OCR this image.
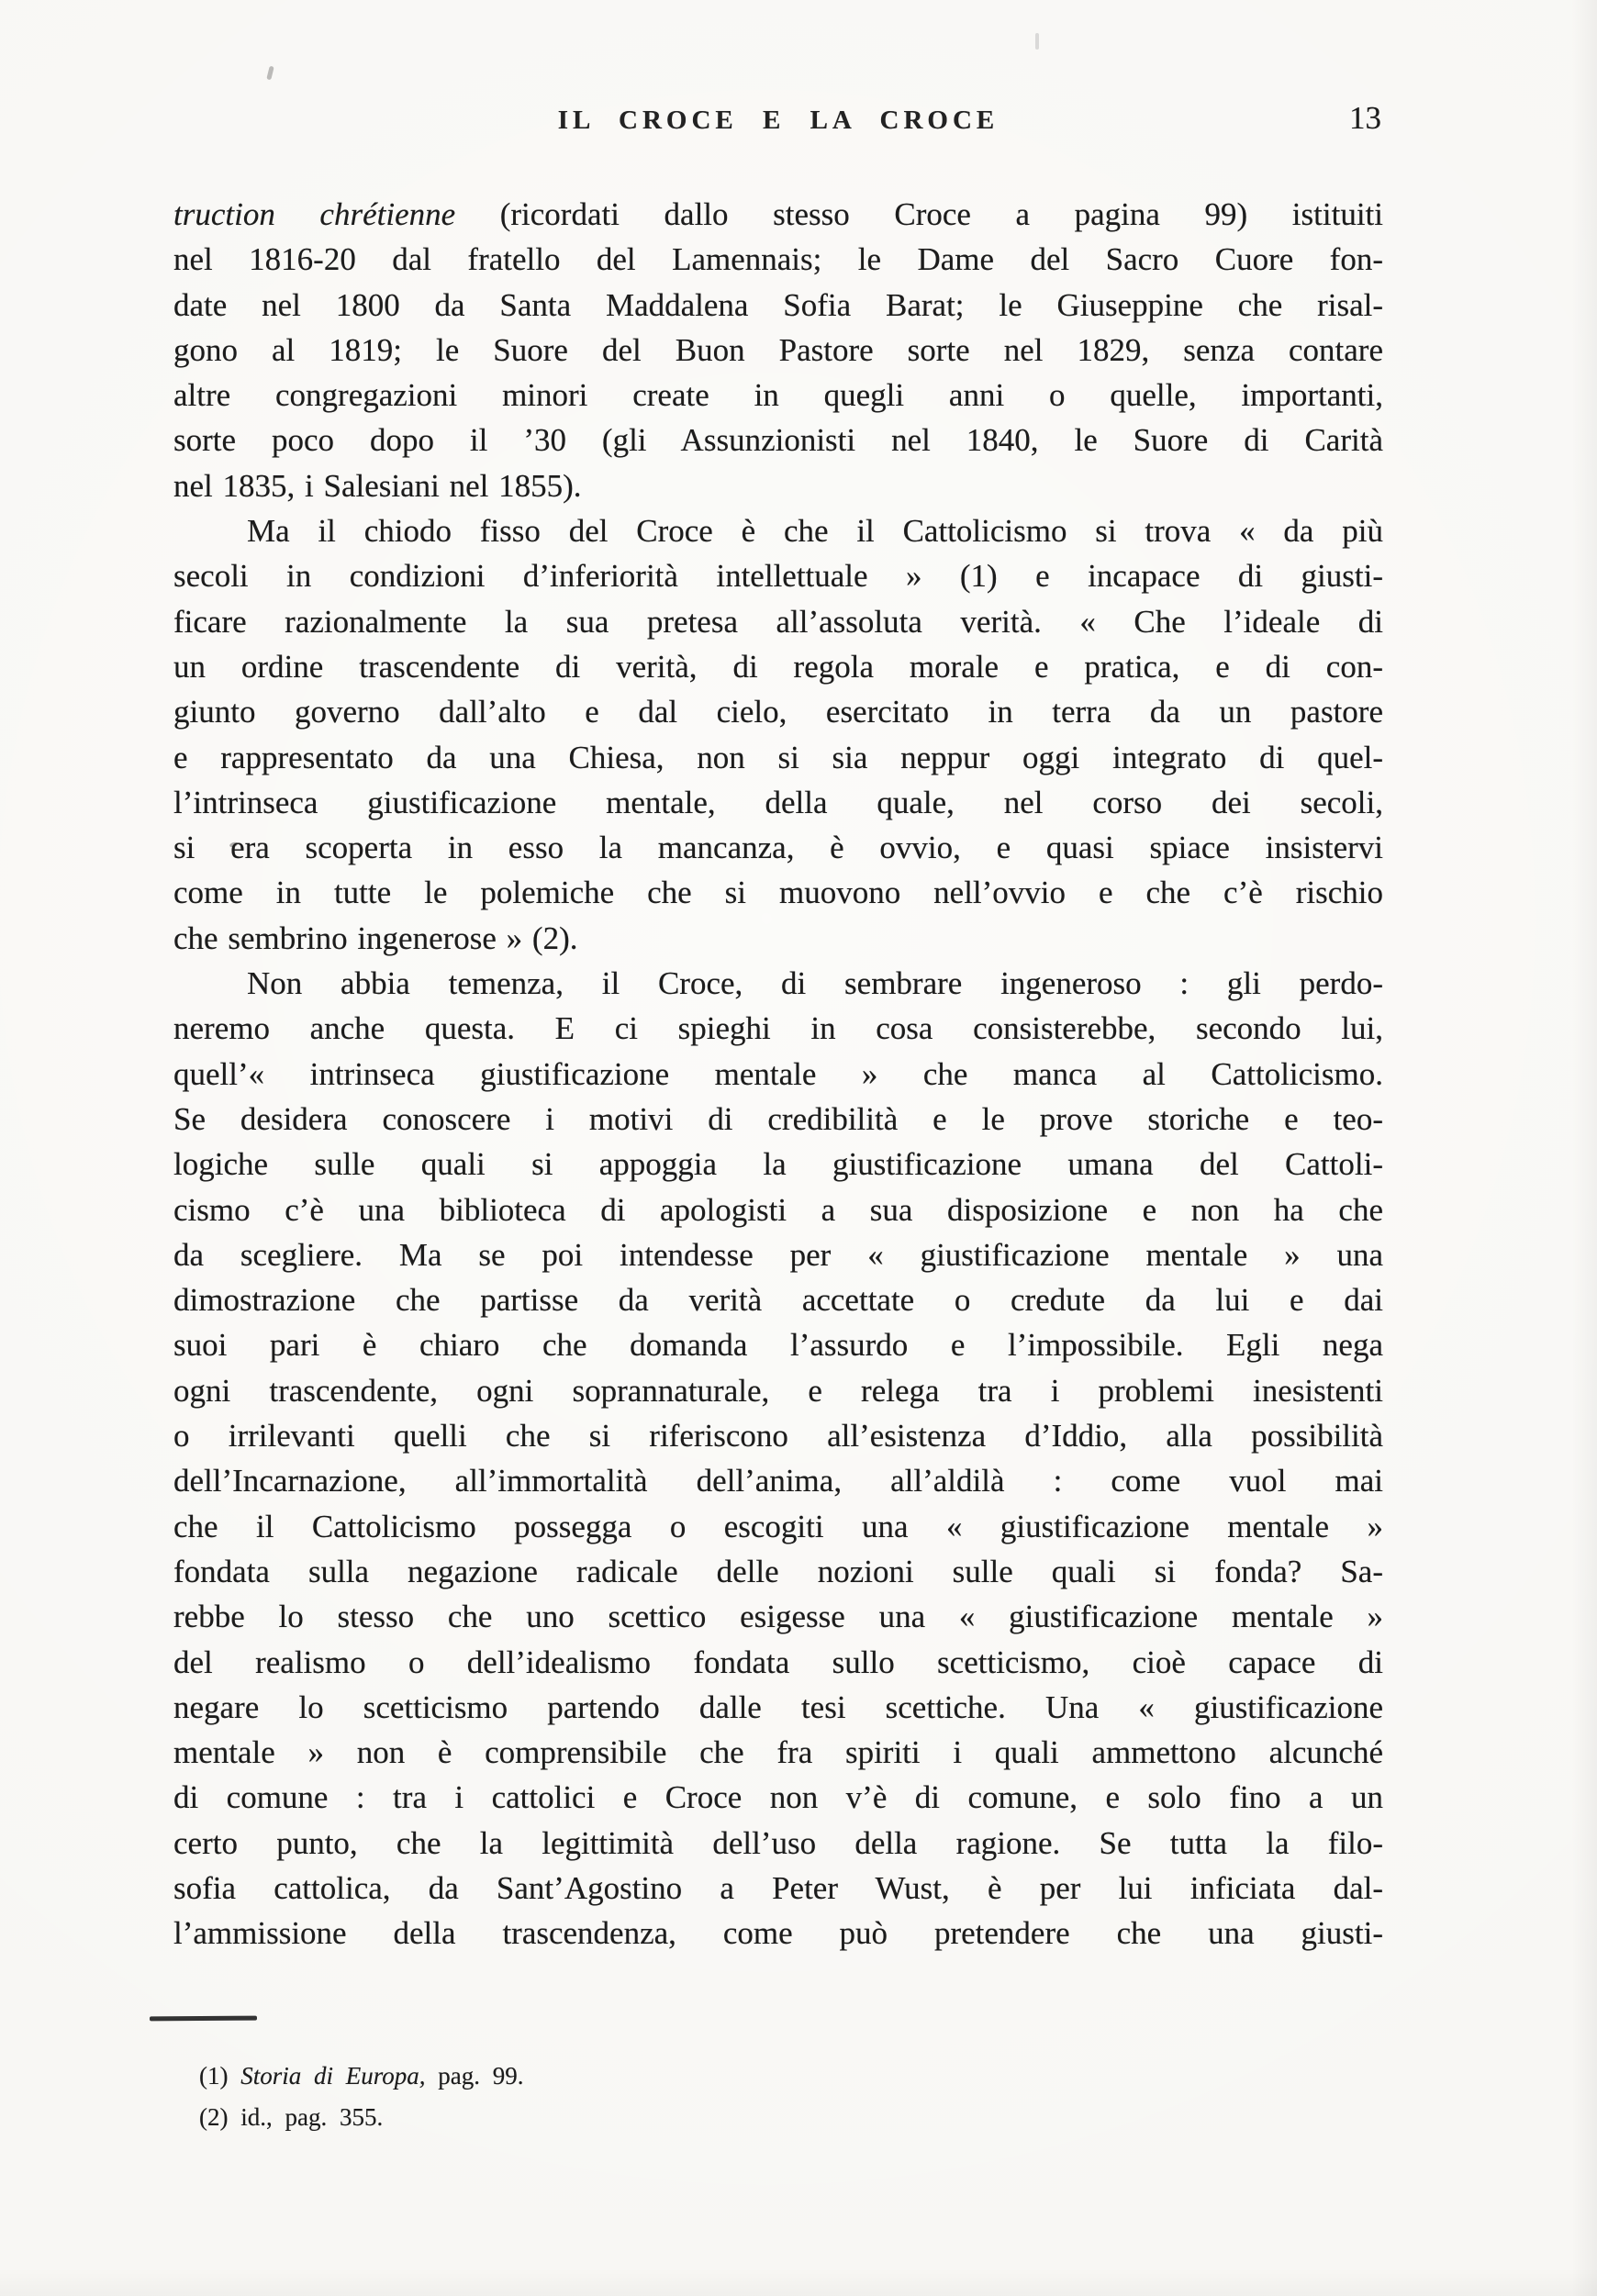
IL CROCE E LA CROCE	13
truction chrétienne (ricordati dallo stesso Croce a pagina 99) istituiti
nel 1816-20 dal fratello del Lamennais; le Dame del Sacro Cuore fon-
date nel 1800 da Santa Maddalena Sofia Barat; le Giuseppine che risal-
gono al 1819; le Suore del Buon Pastore sorte nel 1829, senza contare
altre congregazioni minori create in quegli anni o quelle, importanti,
sorte poco dopo il ’30 (gli Assunzionisti nel 1840, le Suore di Carità
nel 1835, i Salesiani nel 1855).
Ma il chiodo fisso del Croce è che il Cattolicismo si trova « da più
secoli in condizioni d’inferiorità intellettuale » (1) e incapace di giusti-
ficare razionalmente la sua pretesa all’assoluta verità. « Che l’ideale di
un ordine trascendente di verità, di regola morale e pratica, e di con-
giunto governo dall’alto e dal cielo, esercitato in terra da un pastore
e rappresentato da una Chiesa, non si sia neppur oggi integrato di quel-
l’intrinseca giustificazione mentale, della quale, nel corso dei secoli,
si era scoperta in esso la mancanza, è ovvio, e quasi spiace insistervi
come in tutte le polemiche che si muovono nell’ovvio e che c’è rischio
che sembrino ingenerose » (2).
Non abbia temenza, il Croce, di sembrare ingeneroso : gli perdo-
neremo anche questa. E ci spieghi in cosa consisterebbe, secondo lui,
quell’« intrinseca giustificazione mentale » che manca al Cattolicismo.
Se desidera conoscere i motivi di credibilità e le prove storiche e teo-
logiche sulle quali si appoggia la giustificazione umana del Cattoli-
cismo c’è una biblioteca di apologisti a sua disposizione e non ha che
da scegliere. Ma se poi intendesse per « giustificazione mentale » una
dimostrazione che partisse da verità accettate o credute da lui e dai
suoi pari è chiaro che domanda l’assurdo e l’impossibile. Egli nega
ogni trascendente, ogni soprannaturale, e relega tra i problemi inesistenti
o irrilevanti quelli che si riferiscono all’esistenza d’Iddio, alla possibilità
dell’Incarnazione, all’immortalità dell’anima, all’aldilà : come vuol mai
che il Cattolicismo possegga o escogiti una « giustificazione mentale »
fondata sulla negazione radicale delle nozioni sulle quali si fonda? Sa-
rebbe lo stesso che uno scettico esigesse una « giustificazione mentale »
del realismo o dell’idealismo fondata sullo scetticismo, cioè capace di
negare lo scetticismo partendo dalle tesi scettiche. Una « giustificazione
mentale » non è comprensibile che fra spiriti i quali ammettono alcunché
di comune : tra i cattolici e Croce non v’è di comune, e solo fino a un
certo punto, che la legittimità dell’uso della ragione. Se tutta la filo-
sofia cattolica, da Sant’Agostino a Peter Wust, è per lui inficiata dal-
l’ammissione della trascendenza, come può pretendere che una giusti-
(1) Storia di Europa, pag. 99.
(2) id., pag. 355.
